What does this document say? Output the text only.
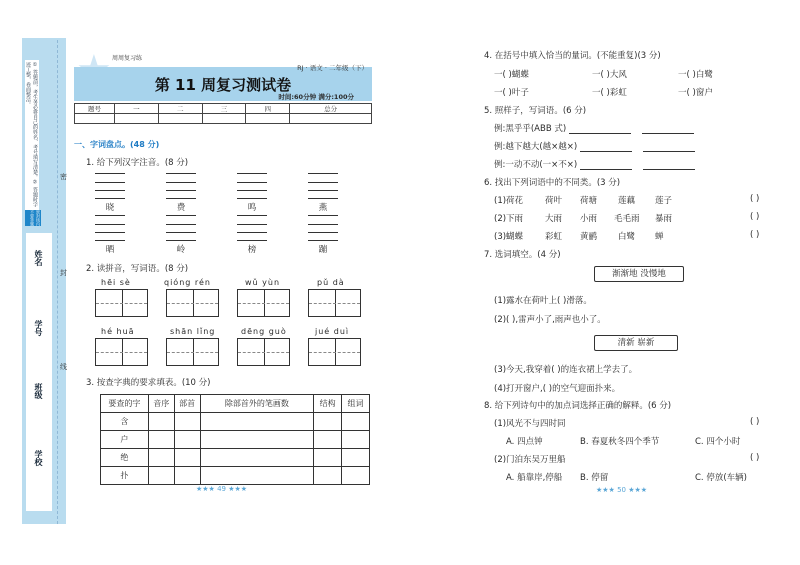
① 答题前，考生务必将自己的姓名、考号填写清楚。② 答题时字迹工整，卷面整洁。
密封线内不要答题
姓名
学号
班级
学校
密
封
线
周周复习练
RJ · 语文 · 二年级（下）
第 11 周复习测试卷
时间:60分钟 满分:100分
题号	一	二	三	四	总分

一、字词盘点。(48 分)
1. 给下列汉字注音。(8 分)
晓	费	鸣	燕
晒	岭	榜	蹦
2. 读拼音，写词语。(8 分)
hēi sè	qióng rén	wǔ yùn	pǔ dà
hé huā	shān lǐng	dēng guò	jué duì
3. 按查字典的要求填表。(10 分)
要查的字	音序	部首	除部首外的笔画数	结构	组词
含					
户					
绝					
扑					
★★★ 49 ★★★
4. 在括号中填入恰当的量词。(不能重复)(3 分)
一( )蝴蝶	一( )大风	一( )白鹭
一( )叶子	一( )彩虹	一( )窗户
5. 照样子，写词语。(6 分)
例:黑乎乎(ABB 式)
例:越下越大(越×越×)
例:一动不动(一×不×)
6. 找出下列词语中的不同类。(3 分)
(1)荷花	荷叶 荷塘 莲藕 莲子	( )
(2)下雨	大雨 小雨 毛毛雨 暴雨	( )
(3)蝴蝶	彩虹 黄鹂 白鹭 蝉	( )
7. 选词填空。(4 分)
渐渐地 没慢地
(1)露水在荷叶上( )滑落。
(2)( ),雷声小了,雨声也小了。
清新 崭新
(3)今天,我穿着( )的连衣裙上学去了。
(4)打开窗户,( )的空气迎面扑来。
8. 给下列诗句中的加点词选择正确的解释。(6 分)
(1)风光不与四时同	( )
A. 四点钟	B. 春夏秋冬四个季节	C. 四个小时
(2)门泊东吴万里船	( )
A. 船靠岸,停船 B. 停留	C. 停放(车辆)
★★★ 50 ★★★
